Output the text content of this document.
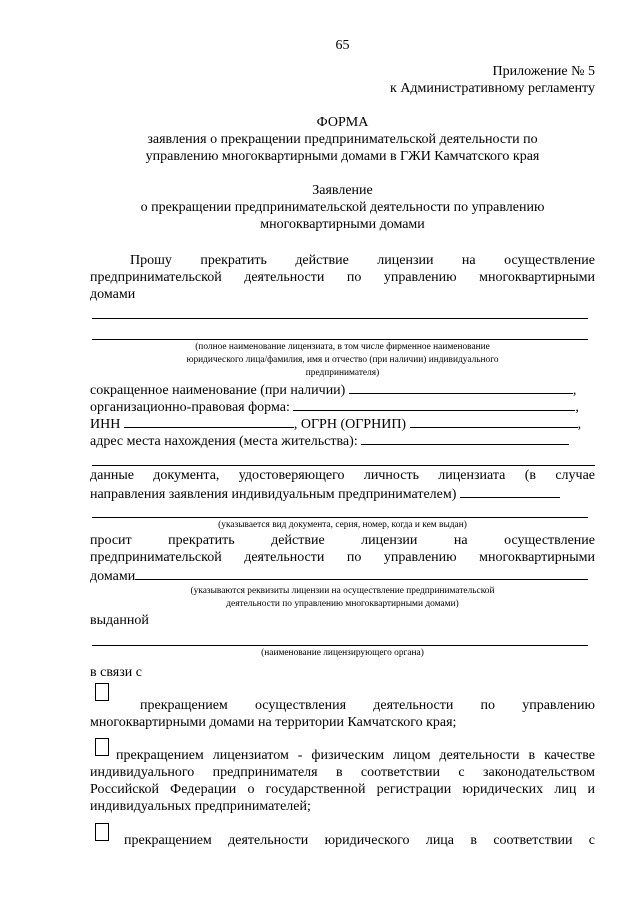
65
Приложение № 5
к Административному регламенту
ФОРМА
заявления о прекращении предпринимательской деятельности по
управлению многоквартирными домами в ГЖИ Камчатского края
Заявление
о прекращении предпринимательской деятельности по управлению
многоквартирными домами
Прошу прекратить действие лицензии на осуществление
предпринимательской деятельности по управлению многоквартирными
домами
(полное наименование лицензиата, в том числе фирменное наименование
юридического лица/фамилия, имя и отчество (при наличии) индивидуального
предпринимателя)
сокращенное наименование (при наличии)	,
организационно-правовая форма:	,
ИНН	, ОГРН (ОГРНИП)	,
адрес места нахождения (места жительства):
данные документа, удостоверяющего личность лицензиата (в случае
направления заявления индивидуальным предпринимателем)
(указывается вид документа, серия, номер, когда и кем выдан)
просит прекратить действие лицензии на осуществление
предпринимательской деятельности по управлению многоквартирными
домами
(указываются реквизиты лицензии на осуществление предпринимательской
деятельности по управлению многоквартирными домами)
выданной
(наименование лицензирующего органа)
в связи с
прекращением осуществления деятельности по управлению
многоквартирными домами на территории Камчатского края;
прекращением лицензиатом - физическим лицом деятельности в качестве
индивидуального предпринимателя в соответствии с законодательством
Российской Федерации о государственной регистрации юридических лиц и
индивидуальных предпринимателей;
прекращением деятельности юридического лица в соответствии с
